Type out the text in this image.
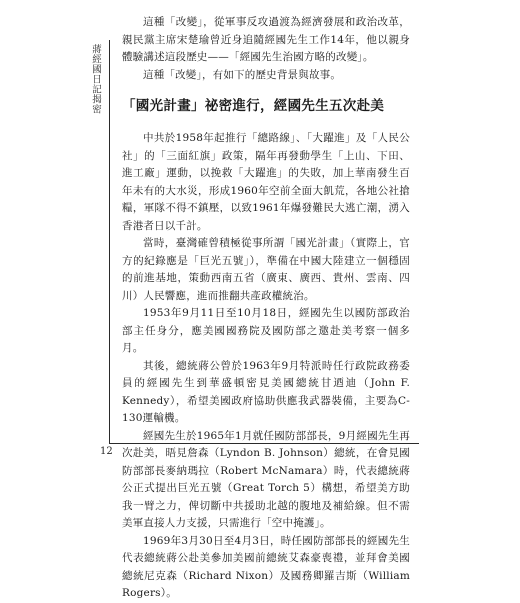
蔣經國日記揭密

這種「改變」，從軍事反攻過渡為經濟發展和政治改革，親民黨主席宋楚瑜曾近身追隨經國先生工作14年，他以親身體驗講述這段歷史——「經國先生治國方略的改變」。

這種「改變」，有如下的歷史背景與故事。

「國光計畫」祕密進行，經國先生五次赴美

中共於1958年起推行「總路線」、「大躍進」及「人民公社」的「三面紅旗」政策，隔年再發動學生「上山、下田、進工廠」運動，以挽救「大躍進」的失敗，加上華南發生百年未有的大水災，形成1960年空前全面大飢荒，各地公社搶糧，軍隊不得不鎮壓，以致1961年爆發難民大逃亡潮，湧入香港者日以千計。

當時，臺灣確曾積極從事所謂「國光計畫」（實際上，官方的紀錄應是「巨光五號」），準備在中國大陸建立一個穩固的前進基地，策動西南五省（廣東、廣西、貴州、雲南、四川）人民響應，進而推翻共產政權統治。

1953年9月11日至10月18日，經國先生以國防部政治部主任身分，應美國國務院及國防部之邀赴美考察一個多月。

其後，總統蔣公曾於1963年9月特派時任行政院政務委員的經國先生到華盛頓密見美國總統甘迺迪（John F. Kennedy），希望美國政府協助供應我武器裝備，主要為C-130運輸機。

經國先生於1965年1月就任國防部部長，9月經國先生再次赴美，晤見詹森（Lyndon B. Johnson）總統，在會見國防部部長麥納瑪拉（Robert McNamara）時，代表總統蔣公正式提出巨光五號（Great Torch 5）構想，希望美方助我一臂之力，俾切斷中共援助北越的腹地及補給線。但不需美軍直接人力支援，只需進行「空中掩護」。

1969年3月30日至4月3日，時任國防部部長的經國先生代表總統蔣公赴美參加美國前總統艾森豪喪禮，並拜會美國總統尼克森（Richard Nixon）及國務卿羅吉斯（William Rogers）。

12
